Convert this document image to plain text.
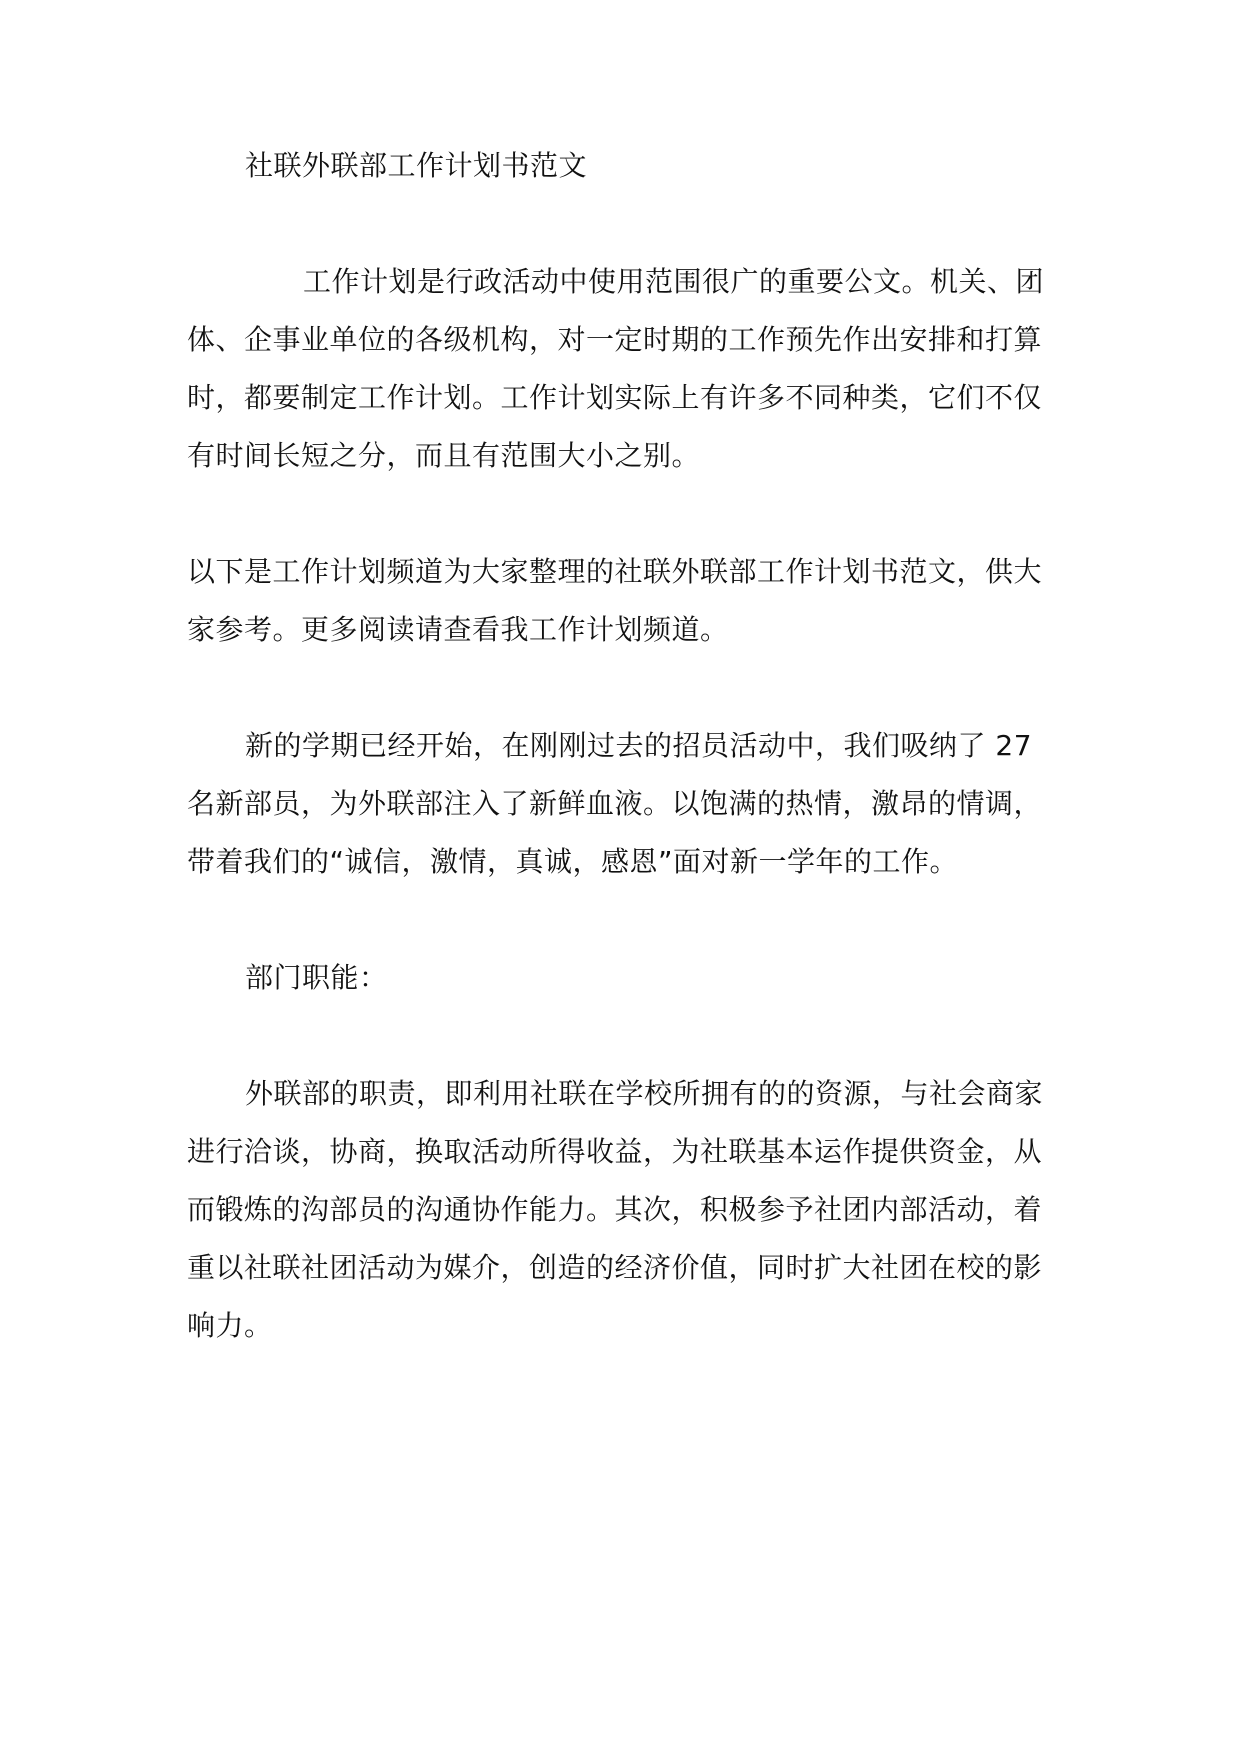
社联外联部工作计划书范文
工作计划是行政活动中使用范围很广的重要公文。机关、团
体、企事业单位的各级机构，对一定时期的工作预先作出安排和打算
时，都要制定工作计划。工作计划实际上有许多不同种类，它们不仅
有时间长短之分，而且有范围大小之别。
以下是工作计划频道为大家整理的社联外联部工作计划书范文，供大
家参考。更多阅读请查看我工作计划频道。
新的学期已经开始，在刚刚过去的招员活动中，我们吸纳了 27
名新部员，为外联部注入了新鲜血液。以饱满的热情，激昂的情调，
带着我们的“诚信，激情，真诚，感恩”面对新一学年的工作。
部门职能：
外联部的职责，即利用社联在学校所拥有的的资源，与社会商家
进行洽谈，协商，换取活动所得收益，为社联基本运作提供资金，从
而锻炼的沟部员的沟通协作能力。其次，积极参予社团内部活动，着
重以社联社团活动为媒介，创造的经济价值，同时扩大社团在校的影
响力。
